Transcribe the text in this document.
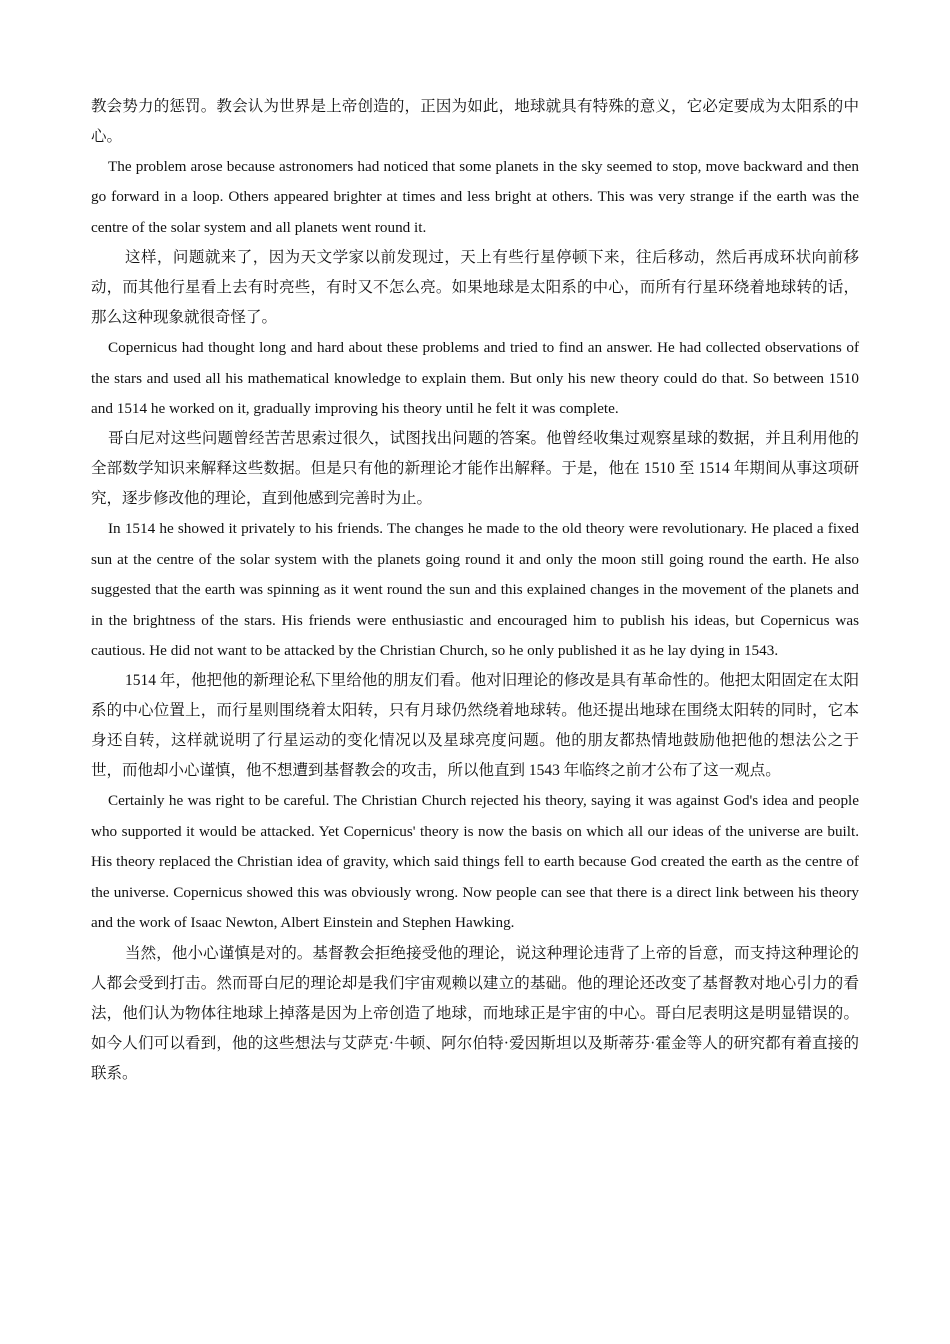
教会势力的惩罚。教会认为世界是上帝创造的，正因为如此，地球就具有特殊的意义，它必定要成为太阳系的中心。

The problem arose because astronomers had noticed that some planets in the sky seemed to stop, move backward and then go forward in a loop. Others appeared brighter at times and less bright at others. This was very strange if the earth was the centre of the solar system and all planets went round it.

这样，问题就来了，因为天文学家以前发现过，天上有些行星停顿下来，往后移动，然后再成环状向前移动，而其他行星看上去有时亮些，有时又不怎么亮。如果地球是太阳系的中心，而所有行星环绕着地球转的话，那么这种现象就很奇怪了。

Copernicus had thought long and hard about these problems and tried to find an answer. He had collected observations of the stars and used all his mathematical knowledge to explain them. But only his new theory could do that. So between 1510 and 1514 he worked on it, gradually improving his theory until he felt it was complete.

哥白尼对这些问题曾经苦苦思索过很久，试图找出问题的答案。他曾经收集过观察星球的数据，并且利用他的全部数学知识来解释这些数据。但是只有他的新理论才能作出解释。于是，他在 1510 至 1514 年期间从事这项研究，逐步修改他的理论，直到他感到完善时为止。

In 1514 he showed it privately to his friends. The changes he made to the old theory were revolutionary. He placed a fixed sun at the centre of the solar system with the planets going round it and only the moon still going round the earth. He also suggested that the earth was spinning as it went round the sun and this explained changes in the movement of the planets and in the brightness of the stars. His friends were enthusiastic and encouraged him to publish his ideas, but Copernicus was cautious. He did not want to be attacked by the Christian Church, so he only published it as he lay dying in 1543.

1514 年，他把他的新理论私下里给他的朋友们看。他对旧理论的修改是具有革命性的。他把太阳固定在太阳系的中心位置上，而行星则围绕着太阳转，只有月球仍然绕着地球转。他还提出地球在围绕太阳转的同时，它本身还自转，这样就说明了行星运动的变化情况以及星球亮度问题。他的朋友都热情地鼓励他把他的想法公之于世，而他却小心谨慎，他不想遭到基督教会的攻击，所以他直到 1543 年临终之前才公布了这一观点。

Certainly he was right to be careful. The Christian Church rejected his theory, saying it was against God's idea and people who supported it would be attacked. Yet Copernicus' theory is now the basis on which all our ideas of the universe are built. His theory replaced the Christian idea of gravity, which said things fell to earth because God created the earth as the centre of the universe. Copernicus showed this was obviously wrong. Now people can see that there is a direct link between his theory and the work of Isaac Newton, Albert Einstein and Stephen Hawking.

当然，他小心谨慎是对的。基督教会拒绝接受他的理论，说这种理论违背了上帝的旨意，而支持这种理论的人都会受到打击。然而哥白尼的理论却是我们宇宙观赖以建立的基础。他的理论还改变了基督教对地心引力的看法，他们认为物体往地球上掉落是因为上帝创造了地球，而地球正是宇宙的中心。哥白尼表明这是明显错误的。如今人们可以看到，他的这些想法与艾萨克·牛顿、阿尔伯特·爱因斯坦以及斯蒂芬·霍金等人的研究都有着直接的联系。
